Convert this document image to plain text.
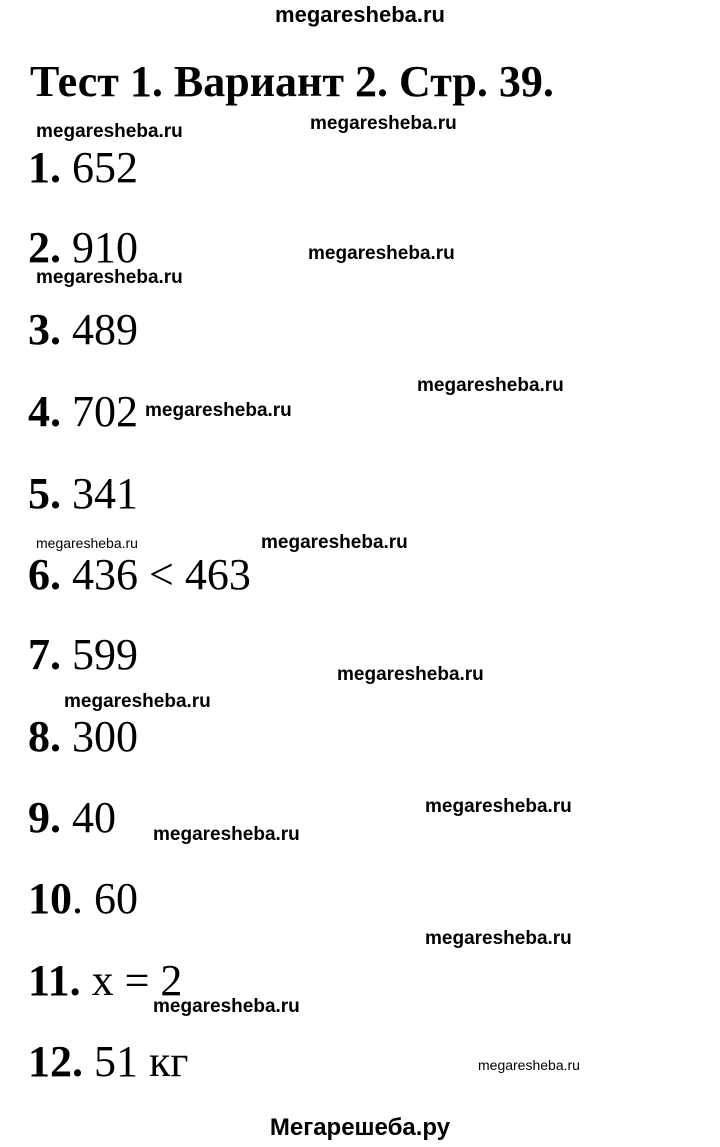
megaresheba.ru
Тест 1. Вариант 2. Стр. 39.
1. 652
2. 910
3. 489
4. 702
5. 341
6. 436 < 463
7. 599
8. 300
9. 40
10. 60
11. x = 2
12. 51 кг
megaresheba.ru	megaresheba.ru
megaresheba.ru
megaresheba.ru
megaresheba.ru
megaresheba.ru
megaresheba.ru	megaresheba.ru
megaresheba.ru
megaresheba.ru
megaresheba.ru
megaresheba.ru
megaresheba.ru
megaresheba.ru
megaresheba.ru
Мегарешеба.ру
